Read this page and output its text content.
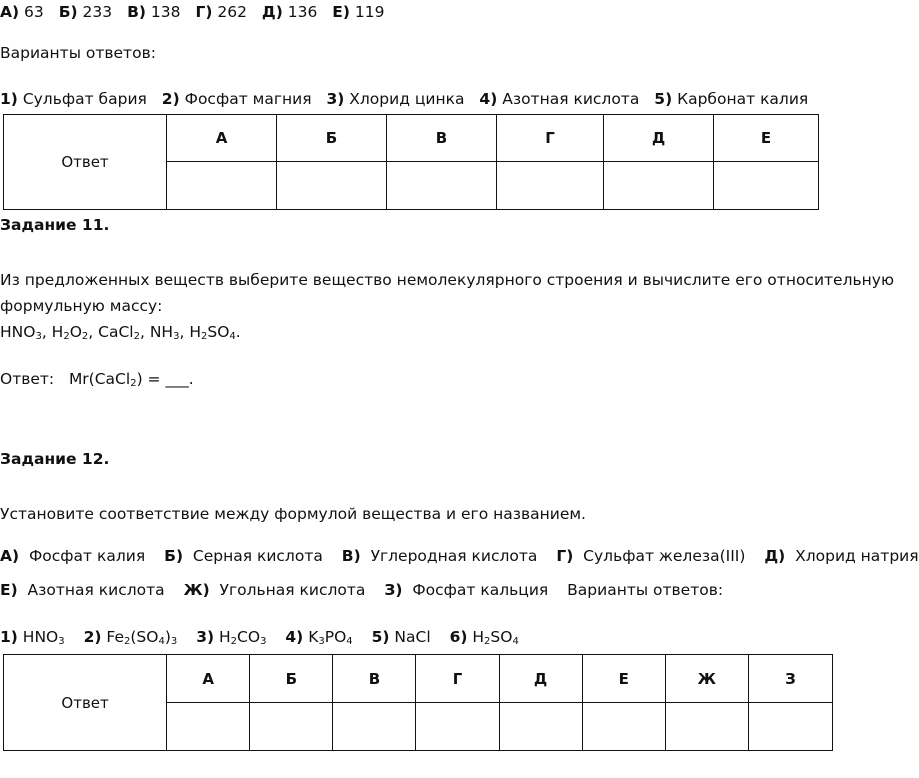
А) 63 Б) 233 В) 138 Г) 262 Д) 136 Е) 119
Варианты ответов:
1) Сульфат бария 2) Фосфат магния 3) Хлорид цинка 4) Азотная кислота 5) Карбонат калия
Ответ	А	Б	В	Г	Д	Е

Задание 11.
Из предложенных веществ выберите вещество немолекулярного строения и вычислите его относительную
формульную массу:
$HNO_3$, $H_2O_2$, CaCl$_2$, $NH_3$, $H_2SO_4$.
Ответ: Mr(CaCl$_2$) = ___.
Задание 12.
Установите соответствие между формулой вещества и его названием.
А) Фосфат калия Б) Серная кислота В) Углеродная кислота Г) Сульфат железа(III) Д) Хлорид натрия
Е) Азотная кислота Ж) Угольная кислота З) Фосфат кальция Варианты ответов:
1) $HNO_3$ 2) $Fe_2(SO_4)_3$ 3) $H_2CO_3$ 4) $K_3PO_4$ 5) NaCl 6) $H_2SO_4$
Ответ	А	Б	В	Г	Д	Е	Ж	З
